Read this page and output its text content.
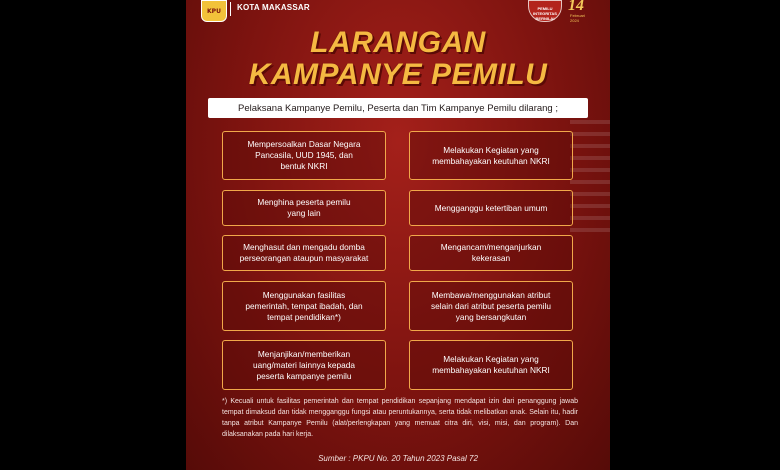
KPU KOTA MAKASSAR	PEMILU INTEGRITAS BERNILAI
14
Februari 2024
LARANGAN
KAMPANYE PEMILU
Pelaksana Kampanye Pemilu, Peserta dan Tim Kampanye Pemilu dilarang ;
Mempersoalkan Dasar Negara
Pancasila, UUD 1945, dan
bentuk NKRI
Menghina peserta pemilu
yang lain
Menghasut dan mengadu domba
perseorangan ataupun masyarakat
Menggunakan fasilitas
pemerintah, tempat ibadah, dan
tempat pendidikan*)
Menjanjikan/memberikan
uang/materi lainnya kepada
peserta kampanye pemilu
Melakukan Kegiatan yang
membahayakan keutuhan NKRI
Mengganggu ketertiban umum
Mengancam/menganjurkan
kekerasan
Membawa/menggunakan atribut
selain dari atribut peserta pemilu
yang bersangkutan
Melakukan Kegiatan yang
membahayakan keutuhan NKRI
*) Kecuali untuk fasilitas pemerintah dan tempat pendidikan sepanjang mendapat izin dari penanggung jawab tempat dimaksud dan tidak mengganggu fungsi atau peruntukannya, serta tidak melibatkan anak. Selain itu, hadir tanpa atribut Kampanye Pemilu (alat/perlengkapan yang memuat citra diri, visi, misi, dan program). Dan dilaksanakan pada hari kerja.
Sumber : PKPU No. 20 Tahun 2023 Pasal 72
